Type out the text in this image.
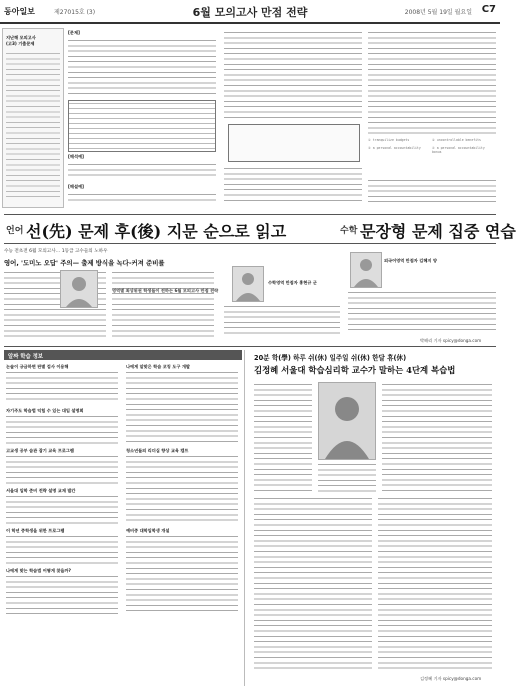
동아일보	제27015호 (3)	6월 모의고사 만점 전략	2008년 5월 19일 월요일 C7
지난해 모의고사
(고3) 기출문제
[문제]
[해석예]
[해설예]
① tranquilize budgets	② uncontrollable benefits
③ a personal accountability	④ a personal accountability bonus
언어 선(先) 문제 후(後) 지문 순으로 읽고	수학 문장형 문제 집중 연습
수능 전초전 6월 모의고사… 1등급 고수들의 노하우
영어, '도미노 오답' 주의— 출제 방식을 녹다-커져 준비를
영역별 최상위권 학생들이 전하는 6월 모의고사 만점 전략
수학영역 만점자 홍현규 군
외국어영역 만점자 김혜지 양
박해리 기자 spicy@donga.com
알짜 학습 정보
논술이 궁금하면 판별 검사 이용해
자기주도 학습법 익힐 수 있는 대입 설명회
고교생 공부 습관 잡기 교육 프로그램
서울대 입학 준비 전략 설명 교재 발간
이 학년 중학생을 위한 프로그램
나에게 맞는 학습법 어떻게 찾을까?
나에게 알맞은 학습 코칭 도구 개발
청소년들의 리더십 향상 교육 캠프
예비중 대학입학생 개설
20분 학(學) 하루 쉬(休) 일주일 쉬(休) 한달 휴(休)
김정혜 서울대 학습심리학 교수가 말하는 4단계 복습법
김정혜 기자 spicy@donga.com
